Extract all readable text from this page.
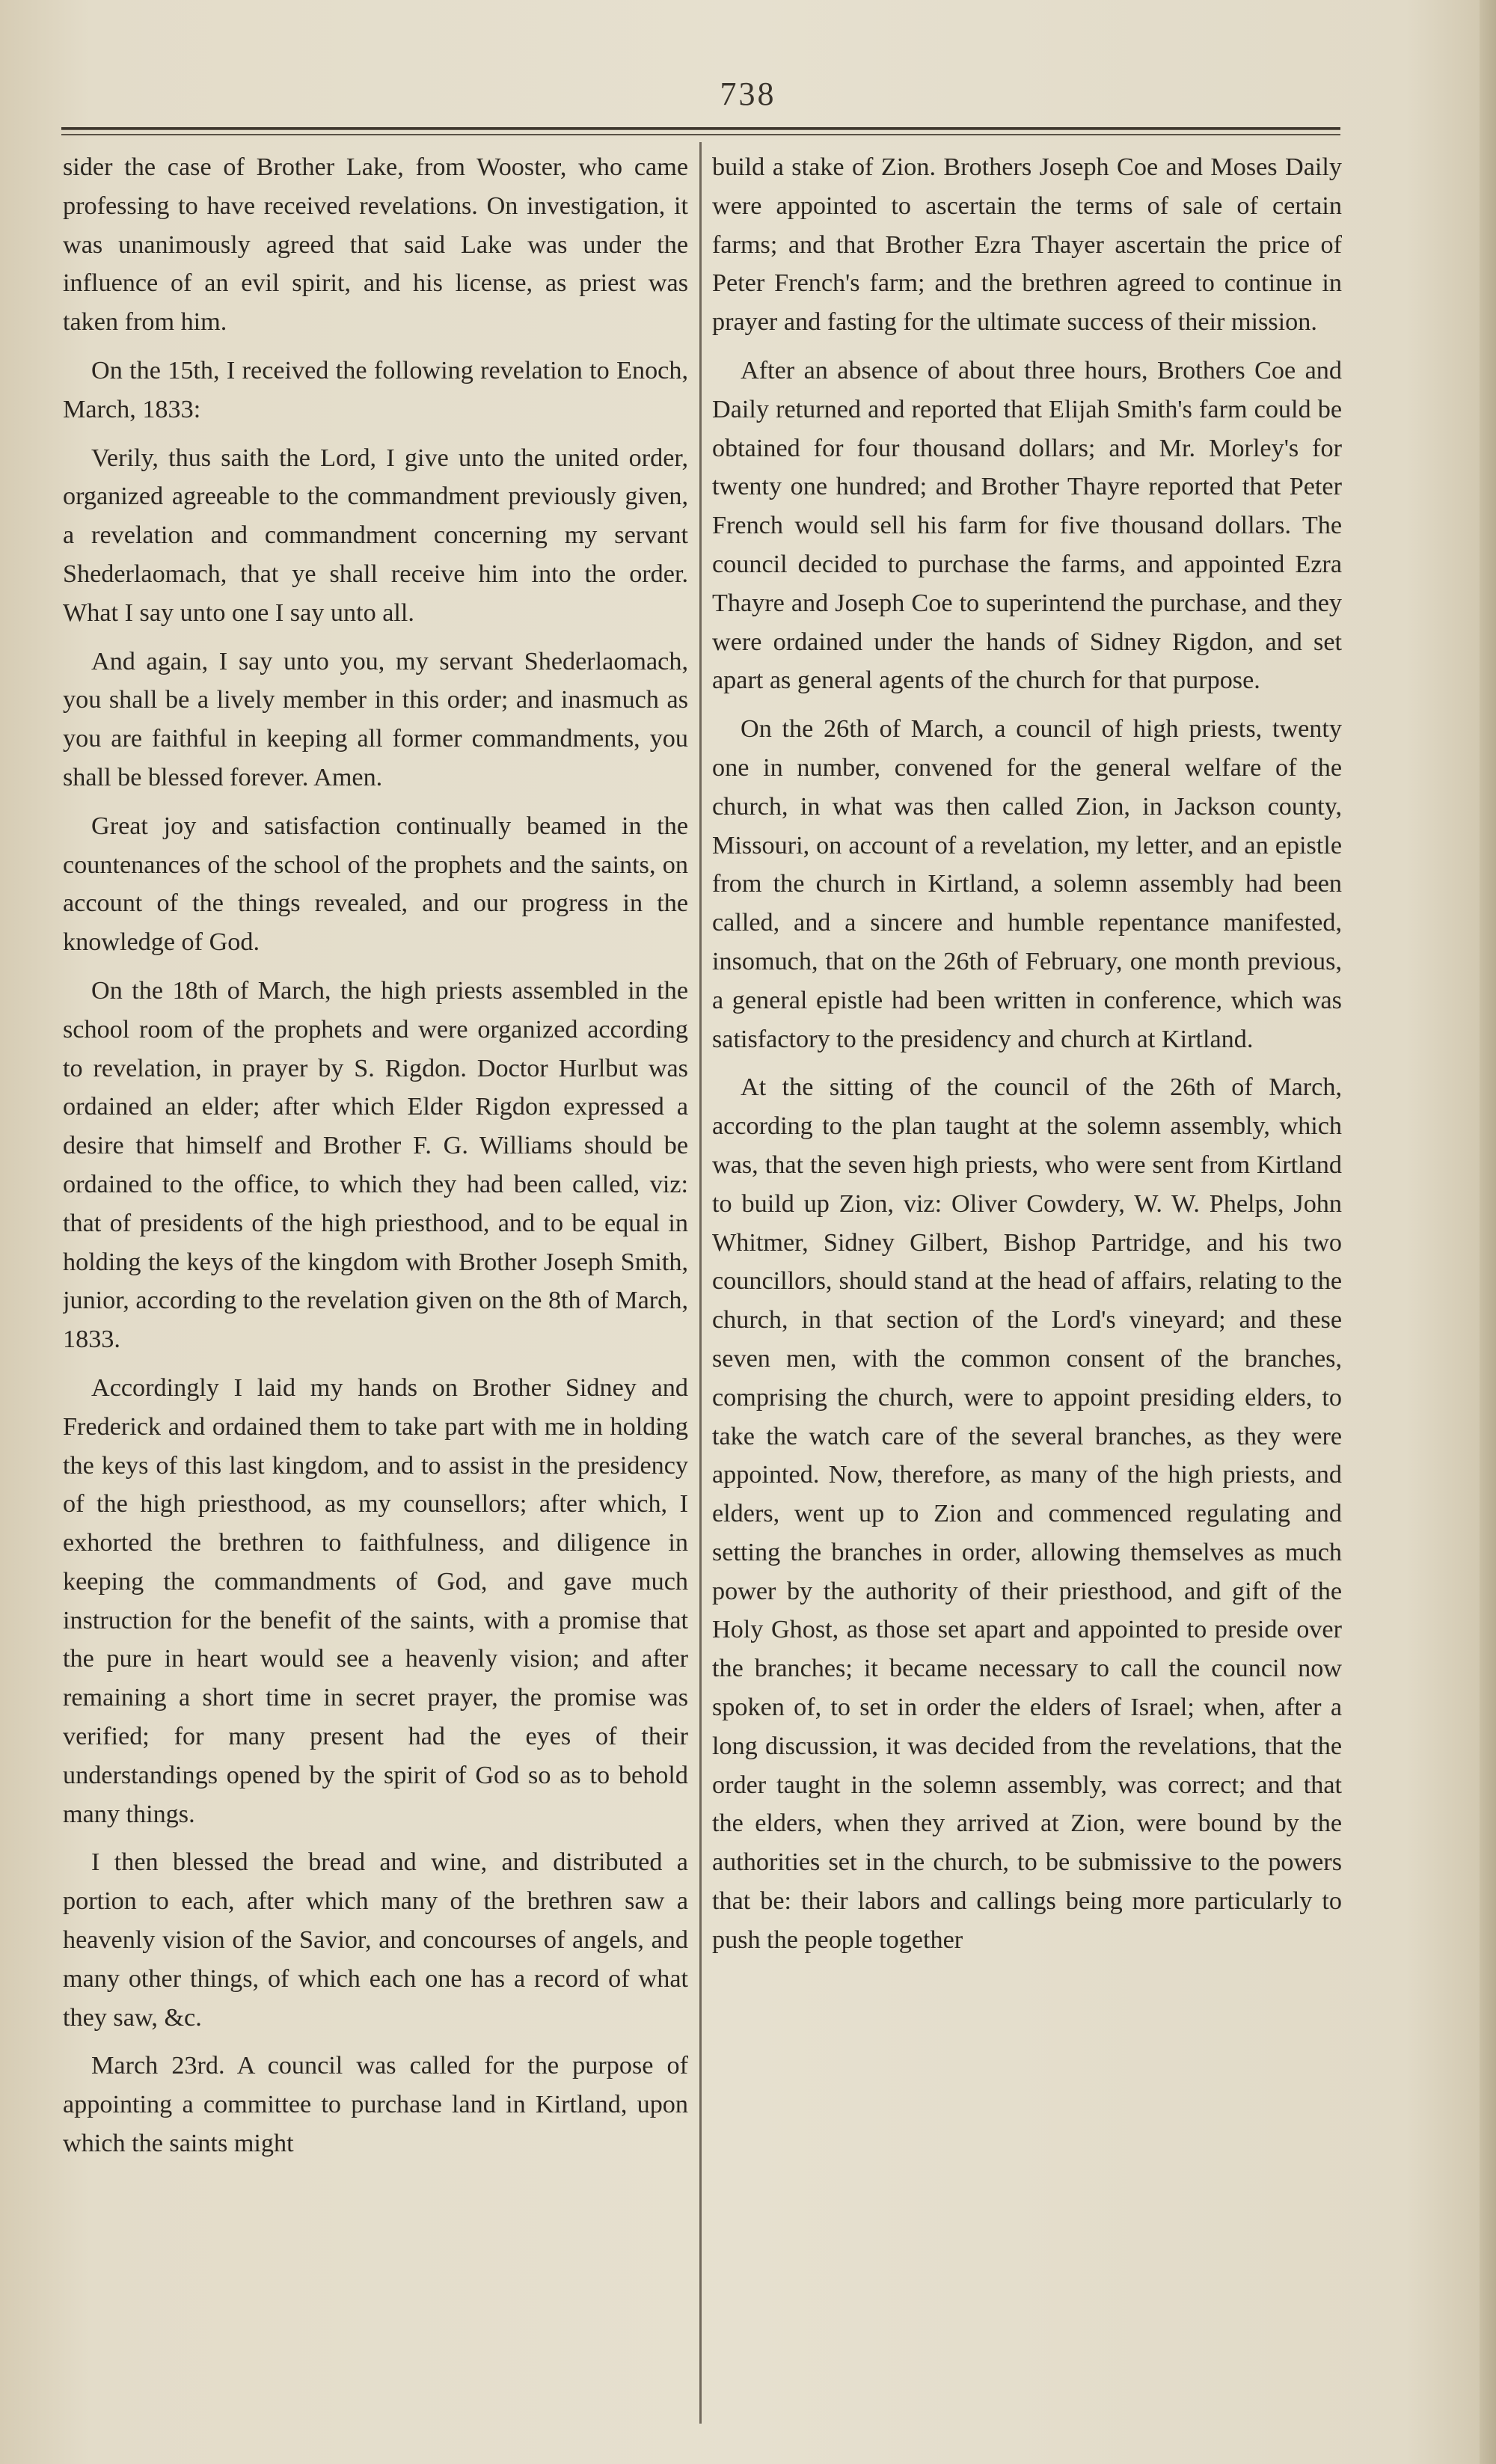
738

sider the case of Brother Lake, from Wooster, who came professing to have received revelations. On investigation, it was unanimously agreed that said Lake was under the influence of an evil spirit, and his license, as priest was taken from him.

On the 15th, I received the following revelation to Enoch, March, 1833:

Verily, thus saith the Lord, I give unto the united order, organized agreeable to the commandment previously given, a revelation and commandment concerning my servant Shederlaomach, that ye shall receive him into the order. What I say unto one I say unto all.

And again, I say unto you, my servant Shederlaomach, you shall be a lively member in this order; and inasmuch as you are faithful in keeping all former commandments, you shall be blessed forever. Amen.

Great joy and satisfaction continually beamed in the countenances of the school of the prophets and the saints, on account of the things revealed, and our progress in the knowledge of God.

On the 18th of March, the high priests assembled in the school room of the prophets and were organized according to revelation, in prayer by S. Rigdon. Doctor Hurlbut was ordained an elder; after which Elder Rigdon expressed a desire that himself and Brother F. G. Williams should be ordained to the office, to which they had been called, viz: that of presidents of the high priesthood, and to be equal in holding the keys of the kingdom with Brother Joseph Smith, junior, according to the revelation given on the 8th of March, 1833.

Accordingly I laid my hands on Brother Sidney and Frederick and ordained them to take part with me in holding the keys of this last kingdom, and to assist in the presidency of the high priesthood, as my counsellors; after which, I exhorted the brethren to faithfulness, and diligence in keeping the commandments of God, and gave much instruction for the benefit of the saints, with a promise that the pure in heart would see a heavenly vision; and after remaining a short time in secret prayer, the promise was verified; for many present had the eyes of their understandings opened by the spirit of God so as to behold many things.

I then blessed the bread and wine, and distributed a portion to each, after which many of the brethren saw a heavenly vision of the Savior, and concourses of angels, and many other things, of which each one has a record of what they saw, &c.

March 23rd. A council was called for the purpose of appointing a committee to purchase land in Kirtland, upon which the saints might

build a stake of Zion. Brothers Joseph Coe and Moses Daily were appointed to ascertain the terms of sale of certain farms; and that Brother Ezra Thayer ascertain the price of Peter French's farm; and the brethren agreed to continue in prayer and fasting for the ultimate success of their mission.

After an absence of about three hours, Brothers Coe and Daily returned and reported that Elijah Smith's farm could be obtained for four thousand dollars; and Mr. Morley's for twenty one hundred; and Brother Thayre reported that Peter French would sell his farm for five thousand dollars. The council decided to purchase the farms, and appointed Ezra Thayre and Joseph Coe to superintend the purchase, and they were ordained under the hands of Sidney Rigdon, and set apart as general agents of the church for that purpose.

On the 26th of March, a council of high priests, twenty one in number, convened for the general welfare of the church, in what was then called Zion, in Jackson county, Missouri, on account of a revelation, my letter, and an epistle from the church in Kirtland, a solemn assembly had been called, and a sincere and humble repentance manifested, insomuch, that on the 26th of February, one month previous, a general epistle had been written in conference, which was satisfactory to the presidency and church at Kirtland.

At the sitting of the council of the 26th of March, according to the plan taught at the solemn assembly, which was, that the seven high priests, who were sent from Kirtland to build up Zion, viz: Oliver Cowdery, W. W. Phelps, John Whitmer, Sidney Gilbert, Bishop Partridge, and his two councillors, should stand at the head of affairs, relating to the church, in that section of the Lord's vineyard; and these seven men, with the common consent of the branches, comprising the church, were to appoint presiding elders, to take the watch care of the several branches, as they were appointed. Now, therefore, as many of the high priests, and elders, went up to Zion and commenced regulating and setting the branches in order, allowing themselves as much power by the authority of their priesthood, and gift of the Holy Ghost, as those set apart and appointed to preside over the branches; it became necessary to call the council now spoken of, to set in order the elders of Israel; when, after a long discussion, it was decided from the revelations, that the order taught in the solemn assembly, was correct; and that the elders, when they arrived at Zion, were bound by the authorities set in the church, to be submissive to the powers that be: their labors and callings being more particularly to push the people together
